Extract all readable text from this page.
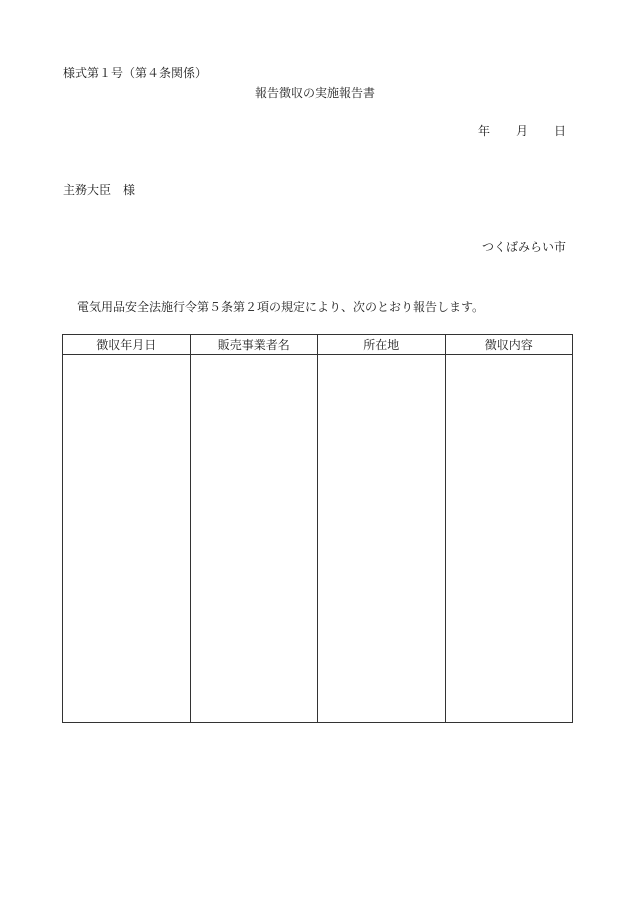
様式第１号（第４条関係）
報告徴収の実施報告書
年 月 日
主務大臣 様
つくばみらい市
電気用品安全法施行令第５条第２項の規定により、次のとおり報告します。
徴収年月日	販売事業者名	所在地	徴収内容
